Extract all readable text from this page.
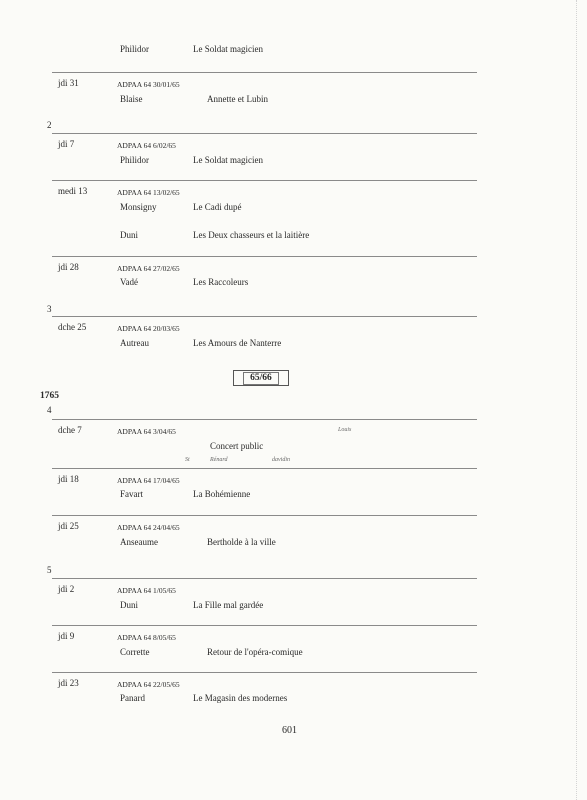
Philidor	Le Soldat magicien
jdi 31	ADPAA 64 30/01/65
Blaise	Annette et Lubin
2
jdi 7	ADPAA 64 6/02/65
Philidor	Le Soldat magicien
medi 13	ADPAA 64 13/02/65
Monsigny	Le Cadi dupé
Duni	Les Deux chasseurs et la laitière
jdi 28	ADPAA 64 27/02/65
Vadé	Les Raccoleurs
3
dche 25	ADPAA 64 20/03/65
Autreau	Les Amours de Nanterre
65/66
1765
4
dche 7	ADPAA 64 3/04/65	Louis
Concert public
St	Rénard	davidin
jdi 18	ADPAA 64 17/04/65
Favart	La Bohémienne
jdi 25	ADPAA 64 24/04/65
Anseaume	Bertholde à la ville
5
jdi 2	ADPAA 64 1/05/65
Duni	La Fille mal gardée
jdi 9	ADPAA 64 8/05/65
Corrette	Retour de l'opéra-comique
jdi 23	ADPAA 64 22/05/65
Panard	Le Magasin des modernes
601
